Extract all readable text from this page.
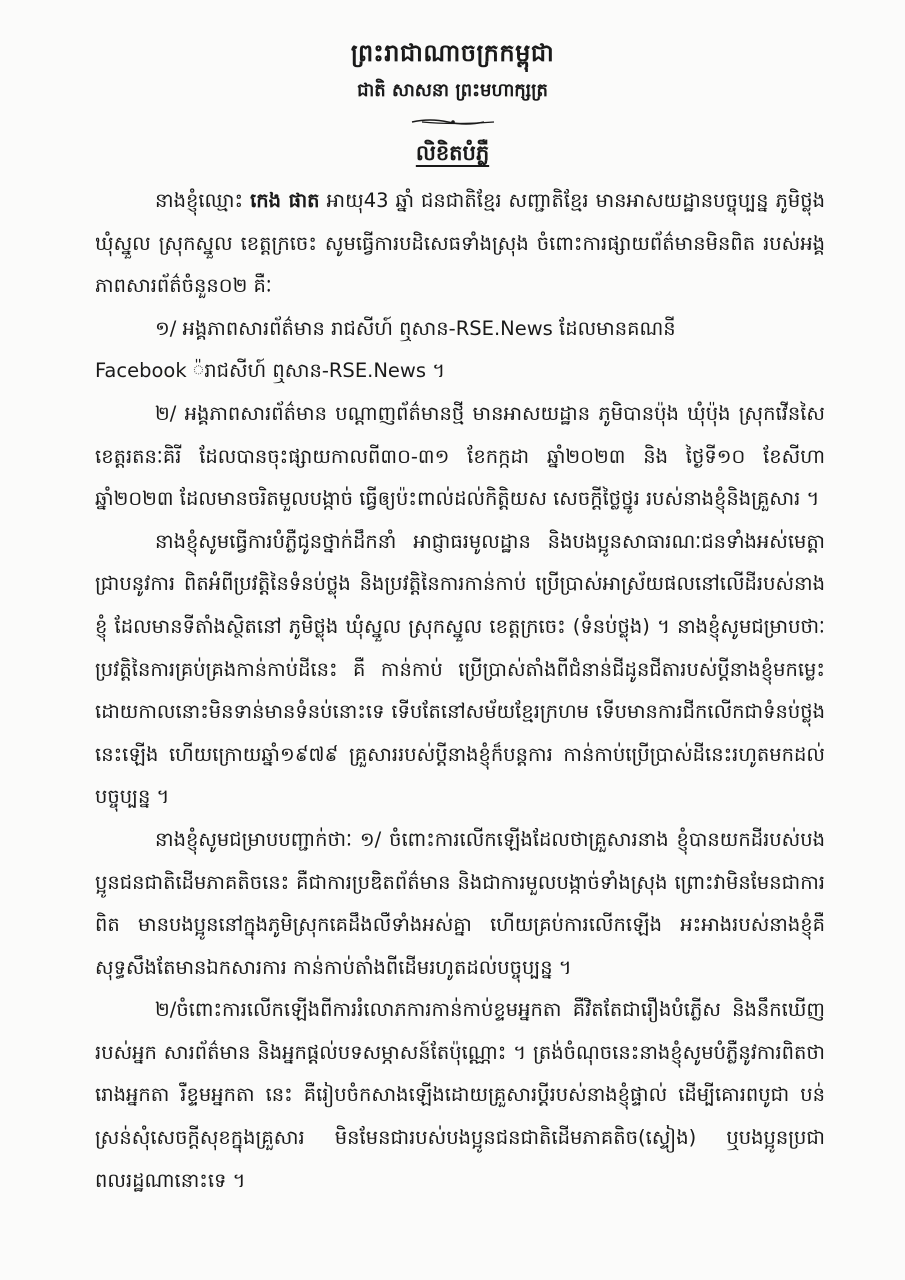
ព្រះរាជាណាចក្រកម្ពុជា
ជាតិ សាសនា ព្រះមហាក្សត្រ
លិខិតបំភ្លឺ

នាងខ្ញុំឈ្មោះ កេង ផាត អាយុ43 ឆ្នាំ ជនជាតិខ្មែរ សញ្ជាតិខ្មែរ មានអាសយដ្ឋានបច្ចុប្បន្ន ភូមិថ្លុង ឃុំស្នួល ស្រុកស្នួល ខេត្តក្រចេះ សូមធ្វើការបដិសេធទាំងស្រុង ចំពោះការផ្សាយព័ត៌មានមិនពិត របស់អង្គភាពសារព័ត៌ចំនួន០២ គឺៈ

១/ អង្គភាពសារព័ត៌មាន រាជសីហ៍ ឮសាន-RSE.News ដែលមានគណនី

Facebook ៉រាជសីហ៍ ឮសាន-RSE.News ។

២/ អង្គភាពសារព័ត៌មាន បណ្តាញព័ត៌មានថ្មី មានអាសយដ្ឋាន ភូមិបានប៉ុង ឃុំប៉ុង ស្រុកវើនសៃ ខេត្តរតនៈគិរី ដែលបានចុះផ្សាយកាលពី៣០-៣១ ខែកក្កដា ឆ្នាំ២០២៣ និង ថ្ងៃទី១០ ខែសីហា ឆ្នាំ២០២៣ ដែលមានចរិតមួលបង្កាច់ ធ្វើឲ្យប៉ះពាល់ដល់កិត្តិយស សេចក្តីថ្លៃថ្នូរ របស់នាងខ្ញុំនិងគ្រួសារ ។

នាងខ្ញុំសូមធ្វើការបំភ្លឺជូនថ្នាក់ដឹកនាំ អាជ្ញាធរមូលដ្ឋាន និងបងប្អូនសាធារណៈជនទាំងអស់មេត្តាជ្រាបនូវការ ពិតអំពីប្រវត្តិនៃទំនប់ថ្លុង និងប្រវត្តិនៃការកាន់កាប់ ប្រើប្រាស់អាស្រ័យផលនៅលើដីរបស់នាងខ្ញុំ ដែលមានទីតាំងស្ថិតនៅ ភូមិថ្លុង ឃុំស្នួល ស្រុកស្នួល ខេត្តក្រចេះ (ទំនប់ថ្លុង) ។ នាងខ្ញុំសូមជម្រាបថាៈ ប្រវត្តិនៃការគ្រប់គ្រងកាន់កាប់ដីនេះ គឺ កាន់កាប់ ប្រើប្រាស់តាំងពីជំនាន់ជីដូនជីតារបស់ប្តីនាងខ្ញុំមកម្លេះ ដោយកាលនោះមិនទាន់មានទំនប់នោះទេ ទើបតែនៅសម័យខ្មែរក្រហម ទើបមានការជីកលើកជាទំនប់ថ្លុងនេះឡើង ហើយក្រោយឆ្នាំ១៩៧៩ គ្រួសាររបស់ប្តីនាងខ្ញុំក៏បន្តការ កាន់កាប់ប្រើប្រាស់ដីនេះរហូតមកដល់បច្ចុប្បន្ន ។

នាងខ្ញុំសូមជម្រាបបញ្ជាក់ថាៈ ១/ ចំពោះការលើកឡើងដែលថាគ្រួសារនាង ខ្ញុំបានយកដីរបស់បងប្អូនជនជាតិដើមភាគតិចនេះ គឺជាការប្រឌិតព័ត៌មាន និងជាការមួលបង្កាច់ទាំងស្រុង ព្រោះវាមិនមែនជាការពិត មានបងប្អូននៅក្នុងភូមិស្រុកគេដឹងលឺទាំងអស់គ្នា ហើយគ្រប់ការលើកឡើង អះអាងរបស់នាងខ្ញុំគឺសុទ្ធសឹងតែមានឯកសារការ កាន់កាប់តាំងពីដើមរហូតដល់បច្ចុប្បន្ន ។

២/ចំពោះការលើកឡើងពីការរំលោភការកាន់កាប់ខ្ទមអ្នកតា គឺវិតតែជារឿងបំភ្លើស និងនឹកឃើញរបស់អ្នក សារព័ត៌មាន និងអ្នកផ្តល់បទសម្ភាសន៍តែប៉ុណ្ណោះ ។ ត្រង់ចំណុចនេះនាងខ្ញុំសូមបំភ្លឺនូវការពិតថា រោងអ្នកតា រឺខ្ទមអ្នកតា នេះ គឺរៀបចំកសាងឡើងដោយគ្រួសារប្តីរបស់នាងខ្ញុំផ្ទាល់ ដើម្បីគោរពបូជា បន់ស្រន់សុំសេចក្តីសុខក្នុងគ្រួសារ មិនមែនជារបស់បងប្អូនជនជាតិដើមភាគតិច(ស្ទៀង) ឬបងប្អូនប្រជាពលរដ្ឋណានោះទេ ។
